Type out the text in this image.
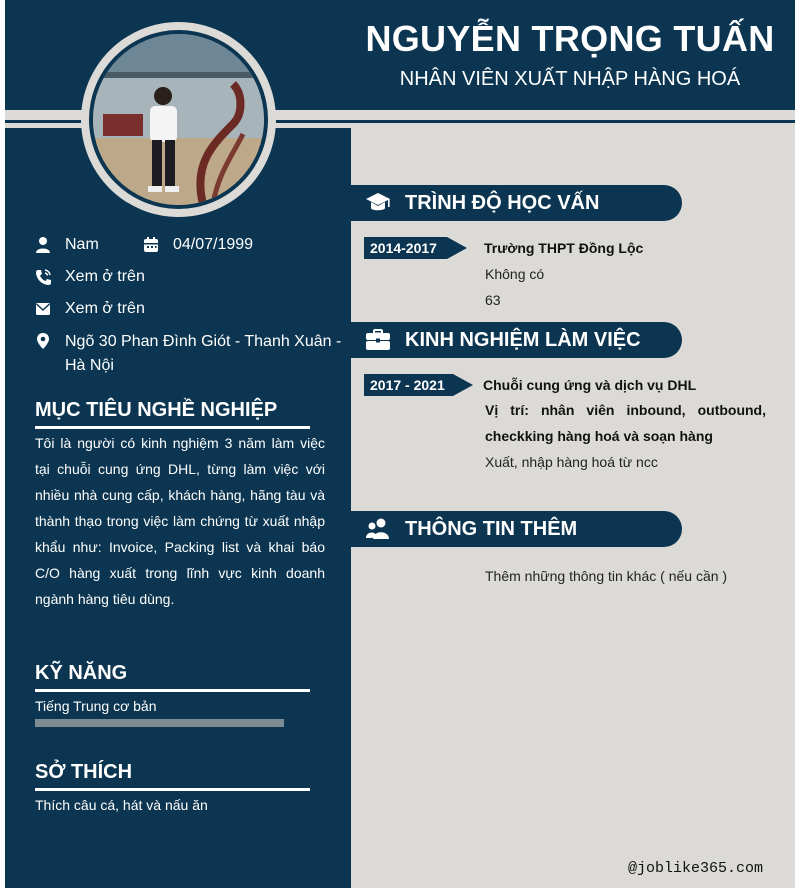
NGUYỄN TRỌNG TUẤN
NHÂN VIÊN XUẤT NHẬP HÀNG HOÁ
Nam	04/07/1999
Xem ở trên
Xem ở trên
Ngõ 30 Phan Đình Giót - Thanh Xuân - Hà Nội
MỤC TIÊU NGHỀ NGHIỆP
Tôi là người có kinh nghiệm 3 năm làm việc tại chuỗi cung ứng DHL, từng làm việc với nhiều nhà cung cấp, khách hàng, hãng tàu và thành thạo trong việc làm chứng từ xuất nhập khẩu như: Invoice, Packing list và khai báo C/O hàng xuất trong lĩnh vực kinh doanh ngành hàng tiêu dùng.
KỸ NĂNG
Tiếng Trung cơ bản
SỞ THÍCH
Thích câu cá, hát và nấu ăn
TRÌNH ĐỘ HỌC VẤN
2014-2017	Trường THPT Đồng Lộc
Không có
63
KINH NGHIỆM LÀM VIỆC
2017 - 2021	Chuỗi cung ứng và dịch vụ DHL
Vị trí: nhân viên inbound, outbound, checkking hàng hoá và soạn hàng
Xuất, nhập hàng hoá từ ncc
THÔNG TIN THÊM
Thêm những thông tin khác ( nếu cần )
@joblike365.com
